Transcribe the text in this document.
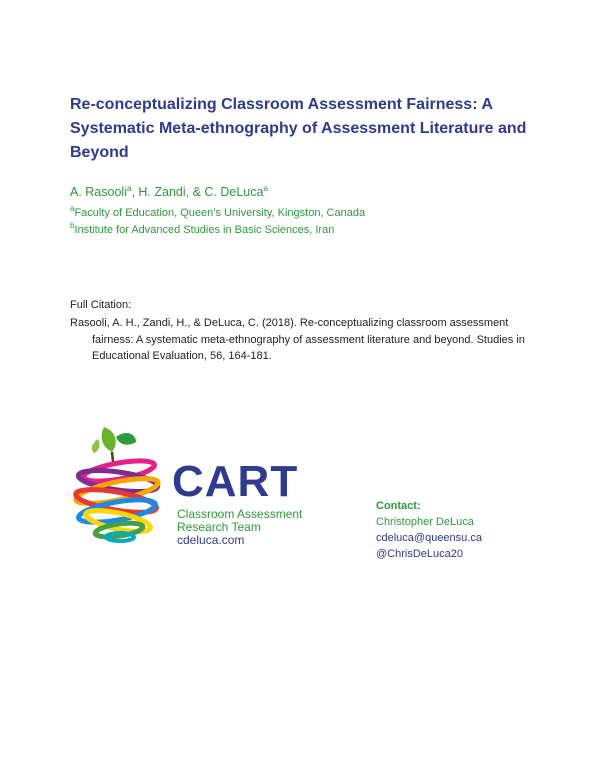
Re-conceptualizing Classroom Assessment Fairness: A Systematic Meta-ethnography of Assessment Literature and Beyond
A. Rasooli$^a$, H. Zandi, & C. DeLuca$^a$
$^a$Faculty of Education, Queen’s University, Kingston, Canada
$^b$Institute for Advanced Studies in Basic Sciences, Iran
Full Citation:
Rasooli, A. H., Zandi, H., & DeLuca, C. (2018). Re-conceptualizing classroom assessment fairness: A systematic meta-ethnography of assessment literature and beyond. Studies in Educational Evaluation, 56, 164-181.
CART
Classroom Assessment
Research Team
cdeluca.com
Contact:
Christopher DeLuca
cdeluca@queensu.ca
@ChrisDeLuca20
